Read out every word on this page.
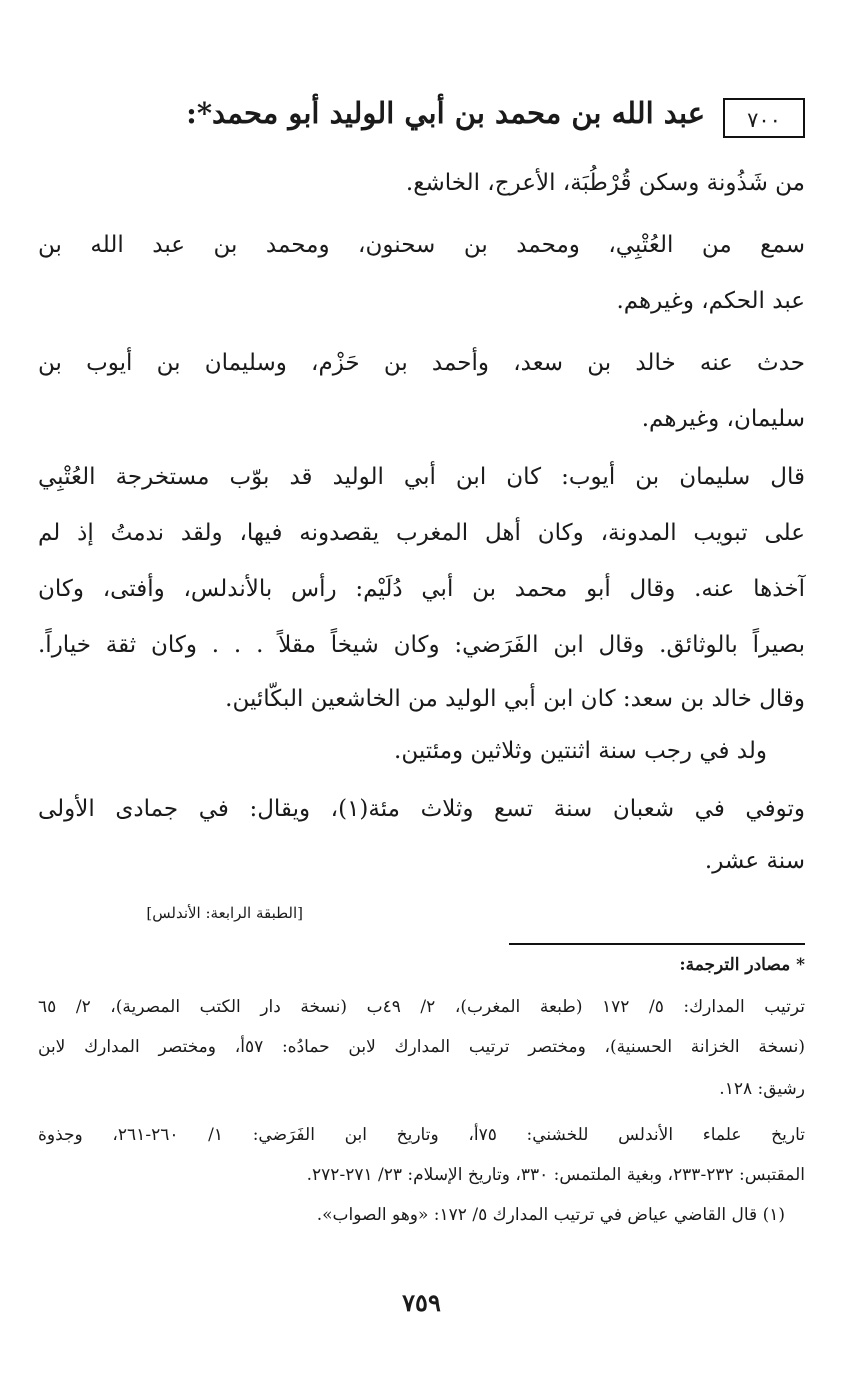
٧٠٠
عبد الله بن محمد بن أبي الوليد أبو محمد*:
من شَذُونة وسكن قُرْطُبَة، الأعرج، الخاشع.
سمع من العُتْبِي، ومحمد بن سحنون، ومحمد بن عبد الله بن
عبد الحكم، وغيرهم.
حدث عنه خالد بن سعد، وأحمد بن حَزْم، وسليمان بن أيوب بن
سليمان، وغيرهم.
قال سليمان بن أيوب: كان ابن أبي الوليد قد بوّب مستخرجة العُتْبِي
على تبويب المدونة، وكان أهل المغرب يقصدونه فيها، ولقد ندمتُ إذ لم
آخذها عنه. وقال أبو محمد بن أبي دُلَيْم: رأس بالأندلس، وأفتى، وكان
بصيراً بالوثائق. وقال ابن الفَرَضي: وكان شيخاً مقلاً . . . وكان ثقة خياراً.
وقال خالد بن سعد: كان ابن أبي الوليد من الخاشعين البكّائين.
ولد في رجب سنة اثنتين وثلاثين ومئتين.
وتوفي في شعبان سنة تسع وثلاث مئة(١)، ويقال: في جمادى الأولى
سنة عشر.
[الطبقة الرابعة: الأندلس]
* مصادر الترجمة:
ترتيب المدارك: ٥/ ١٧٢ (طبعة المغرب)، ٢/ ٤٩ب (نسخة دار الكتب المصرية)، ٢/ ٦٥
(نسخة الخزانة الحسنية)، ومختصر ترتيب المدارك لابن حمادُه: ٥٧أ، ومختصر المدارك لابن
رشيق: ١٢٨.
تاريخ علماء الأندلس للخشني: ٧٥أ، وتاريخ ابن الفَرَضي: ١/ ٢٦٠-٢٦١، وجذوة
المقتبس: ٢٣٢-٢٣٣، وبغية الملتمس: ٣٣٠، وتاريخ الإسلام: ٢٣/ ٢٧١-٢٧٢.
(١) قال القاضي عياض في ترتيب المدارك ٥/ ١٧٢: «وهو الصواب».
٧٥٩
